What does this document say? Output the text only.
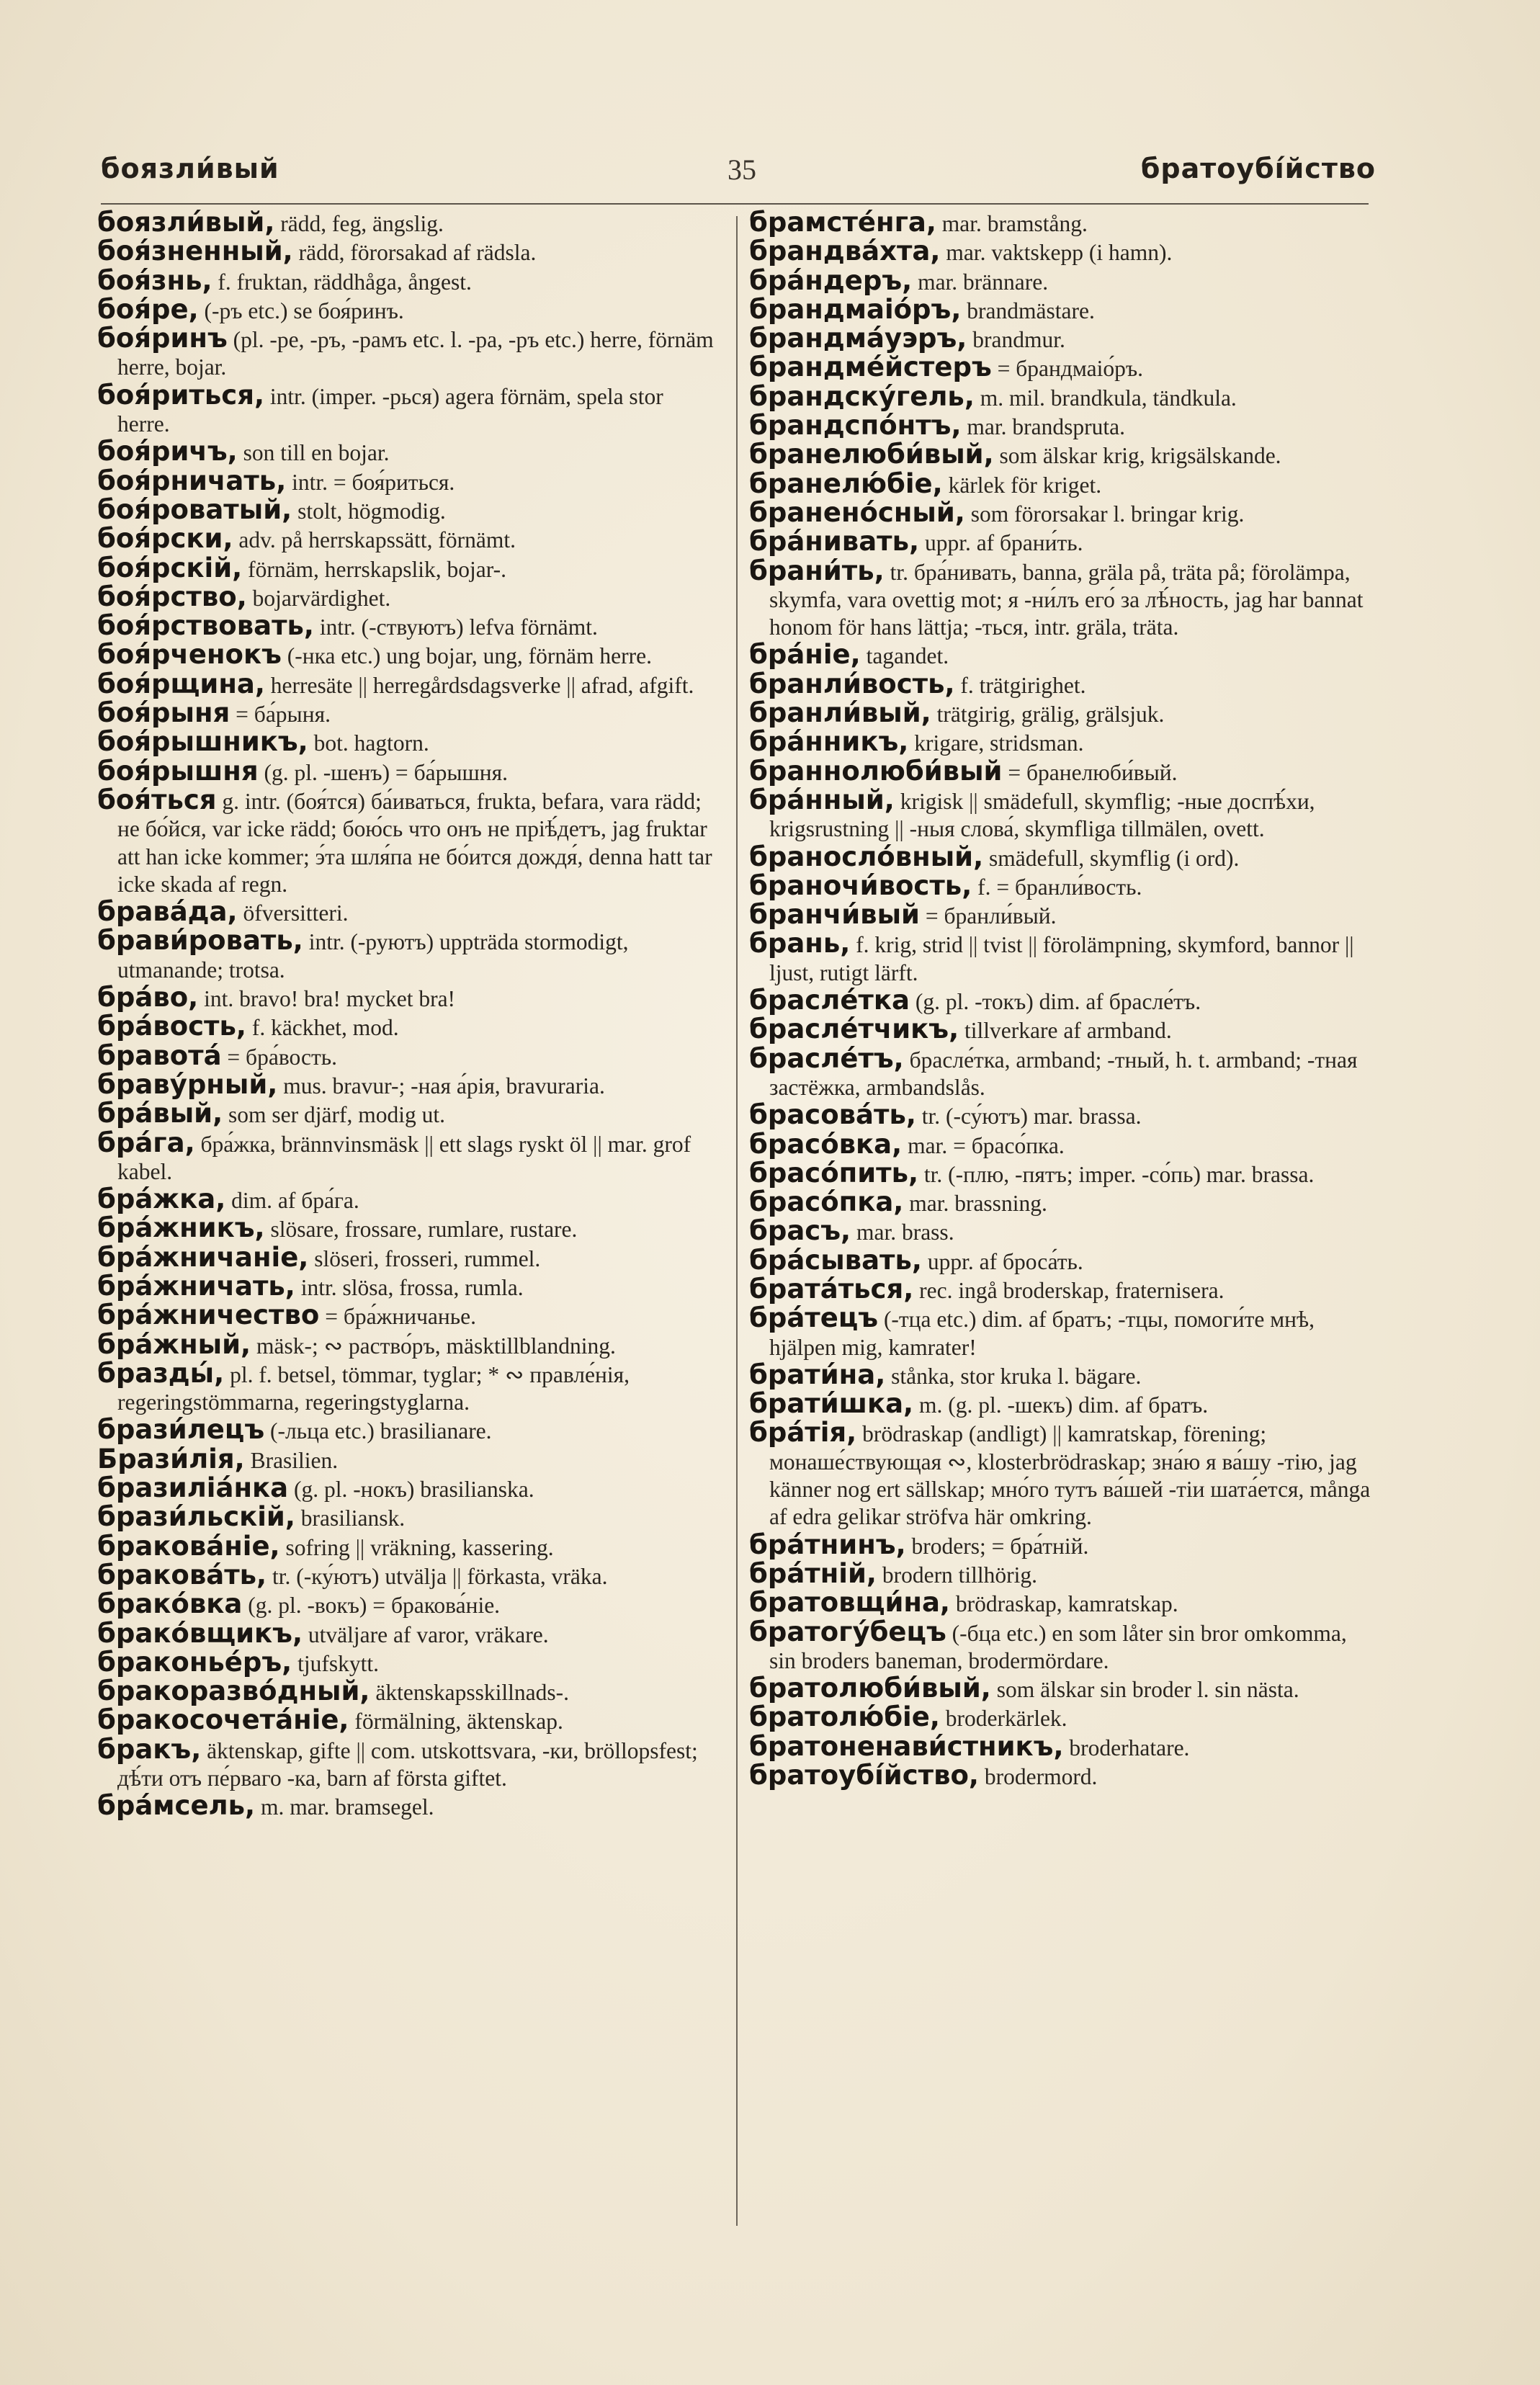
боязли́вый	35	братоубі́йство
боязли́вый, rädd, feg, ängslig.
боя́зненный, rädd, förorsakad af rädsla.
боя́знь, f. fruktan, räddhåga, ångest.
боя́ре, (-ръ etc.) se боя́ринъ.
боя́ринъ (pl. -ре, -ръ, -рамъ etc. l. -ра, -ръ etc.) herre, förnäm herre, bojar.
боя́риться, intr. (imper. -рься) agera förnäm, spela stor herre.
боя́ричъ, son till en bojar.
боя́рничать, intr. = боя́риться.
боя́роватый, stolt, högmodig.
боя́рски, adv. på herrskapssätt, förnämt.
боя́рскій, förnäm, herrskapslik, bojar-.
боя́рство, bojarvärdighet.
боя́рствовать, intr. (-ствуютъ) lefva förnämt.
боя́рченокъ (-нка etc.) ung bojar, ung, förnäm herre.
боя́рщина, herresäte || herregårdsdagsverke || afrad, afgift.
боя́рыня = ба́рыня.
боя́рышникъ, bot. hagtorn.
боя́рышня (g. pl. -шенъ) = ба́рышня.
боя́ться g. intr. (боя́тся) ба́иваться, frukta, befara, vara rädd; не бо́йся, var icke rädd; бою́сь что онъ не пріѣ́детъ, jag fruktar att han icke kommer; э́та шля́па не бо́ится дождя́, denna hatt tar icke skada af regn.
брава́да, öfversitteri.
брави́ровать, intr. (-руютъ) uppträda stormodigt, utmanande; trotsa.
бра́во, int. bravo! bra! mycket bra!
бра́вость, f. käckhet, mod.
бравота́ = бра́вость.
браву́рный, mus. bravur-; -ная а́рія, bravuraria.
бра́вый, som ser djärf, modig ut.
бра́га, бра́жка, brännvinsmäsk || ett slags ryskt öl || mar. grof kabel.
бра́жка, dim. af бра́га.
бра́жникъ, slösare, frossare, rumlare, rustare.
бра́жничаніе, slöseri, frosseri, rummel.
бра́жничать, intr. slösa, frossa, rumla.
бра́жничество = бра́жничанье.
бра́жный, mäsk-; ∾ раство́ръ, mäsktillblandning.
бразды́, pl. f. betsel, tömmar, tyglar; * ∾ правле́нія, regeringstömmarna, regeringstyglarna.
брази́лецъ (-льца etc.) brasilianare.
Брази́лія, Brasilien.
бразиліа́нка (g. pl. -нокъ) brasilianska.
брази́льскій, brasiliansk.
бракова́ніе, sofring || vräkning, kassering.
бракова́ть, tr. (-ку́ютъ) utvälja || förkasta, vräka.
брако́вка (g. pl. -вокъ) = бракова́ніе.
брако́вщикъ, utväljare af varor, vräkare.
браконье́ръ, tjufskytt.
бракоразво́дный, äktenskapsskillnads-.
бракосочета́ніе, förmälning, äktenskap.
бракъ, äktenskap, gifte || com. utskottsvara, -ки, bröllopsfest; дѣ́ти отъ пе́рваго -ка, barn af första giftet.
бра́мсель, m. mar. bramsegel.
брамсте́нга, mar. bramstång.
брандва́хта, mar. vaktskepp (i hamn).
бра́ндеръ, mar. brännare.
брандмаіо́ръ, brandmästare.
брандма́уэръ, brandmur.
брандме́йстеръ = брандмаіо́ръ.
брандску́гель, m. mil. brandkula, tändkula.
брандспо́нтъ, mar. brandspruta.
бранелюби́вый, som älskar krig, krigsälskande.
бранелю́біе, kärlek för kriget.
бранено́сный, som förorsakar l. bringar krig.
бра́нивать, uppr. af брани́ть.
брани́ть, tr. бра́нивать, banna, gräla på, träta på; förolämpa, skymfa, vara ovettig mot; я -ни́лъ его́ за лѣ́ность, jag har bannat honom för hans lättja; -ться, intr. gräla, träta.
бра́ніе, tagandet.
бранли́вость, f. trätgirighet.
бранли́вый, trätgirig, grälig, grälsjuk.
бра́нникъ, krigare, stridsman.
браннолюби́вый = бранелюби́вый.
бра́нный, krigisk || smädefull, skymflig; -ные доспѣ́хи, krigsrustning || -ныя слова́, skymfliga tillmälen, ovett.
браносло́вный, smädefull, skymflig (i ord).
браночи́вость, f. = бранли́вость.
бранчи́вый = бранли́вый.
брань, f. krig, strid || tvist || förolämpning, skymford, bannor || ljust, rutigt lärft.
брасле́тка (g. pl. -токъ) dim. af брасле́тъ.
брасле́тчикъ, tillverkare af armband.
брасле́тъ, брасле́тка, armband; -тный, h. t. armband; -тная застёжка, armbandslås.
брасова́ть, tr. (-су́ютъ) mar. brassa.
брасо́вка, mar. = брасо́пка.
брасо́пить, tr. (-плю, -пятъ; imper. -со́пь) mar. brassa.
брасо́пка, mar. brassning.
брасъ, mar. brass.
бра́сывать, uppr. af броса́ть.
брата́ться, rec. ingå broderskap, fraternisera.
бра́тецъ (-тца etc.) dim. af братъ; -тцы, помоги́те мнѣ, hjälpen mig, kamrater!
брати́на, stånka, stor kruka l. bägare.
брати́шка, m. (g. pl. -шекъ) dim. af братъ.
бра́тія, brödraskap (andligt) || kamratskap, förening; монаше́ствующая ∾, klosterbrödraskap; зна́ю я ва́шу -тію, jag känner nog ert sällskap; мно́го тутъ ва́шей -тіи шата́ется, många af edra gelikar ströfva här omkring.
бра́тнинъ, broders; = бра́тній.
бра́тній, brodern tillhörig.
братовщи́на, brödraskap, kamratskap.
братогу́бецъ (-бца etc.) en som låter sin bror omkomma, sin broders baneman, brodermördare.
братолюби́вый, som älskar sin broder l. sin nästa.
братолю́біе, broderkärlek.
братоненави́стникъ, broderhatare.
братоубі́йство, brodermord.
